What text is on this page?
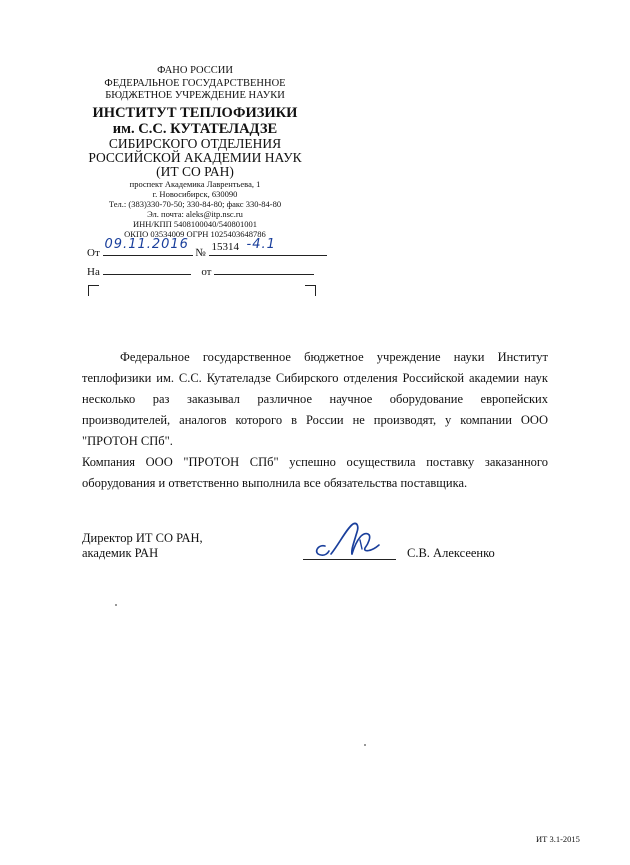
ФАНО РОССИИ
ФЕДЕРАЛЬНОЕ ГОСУДАРСТВЕННОЕ
БЮДЖЕТНОЕ УЧРЕЖДЕНИЕ НАУКИ
ИНСТИТУТ ТЕПЛОФИЗИКИ
им. С.С. КУТАТЕЛАДЗЕ
СИБИРСКОГО ОТДЕЛЕНИЯ
РОССИЙСКОЙ АКАДЕМИИ НАУК
(ИТ СО РАН)
проспект Академика Лаврентьева, 1
г. Новосибирск, 630090
Тел.: (383)330-70-50; 330-84-80; факс 330-84-80
Эл. почта: aleks@itp.nsc.ru
ИНН/КПП 5408100040/540801001
ОКПО 03534009 ОГРН 1025403648786
От
09.11.2016
№ 15314 -4.1
На	от

Федеральное государственное бюджетное учреждение науки Институт теплофизики им. С.С. Кутателадзе Сибирского отделения Российской академии наук несколько раз заказывал различное научное оборудование европейских производителей, аналогов которого в России не производят, у компании ООО "ПРОТОН СПб".

Компания ООО "ПРОТОН СПб" успешно осуществила поставку заказанного оборудования и ответственно выполнила все обязательства поставщика.

Директор ИТ СО РАН,
академик РАН	С.В. Алексеенко
ИТ 3.1-2015
